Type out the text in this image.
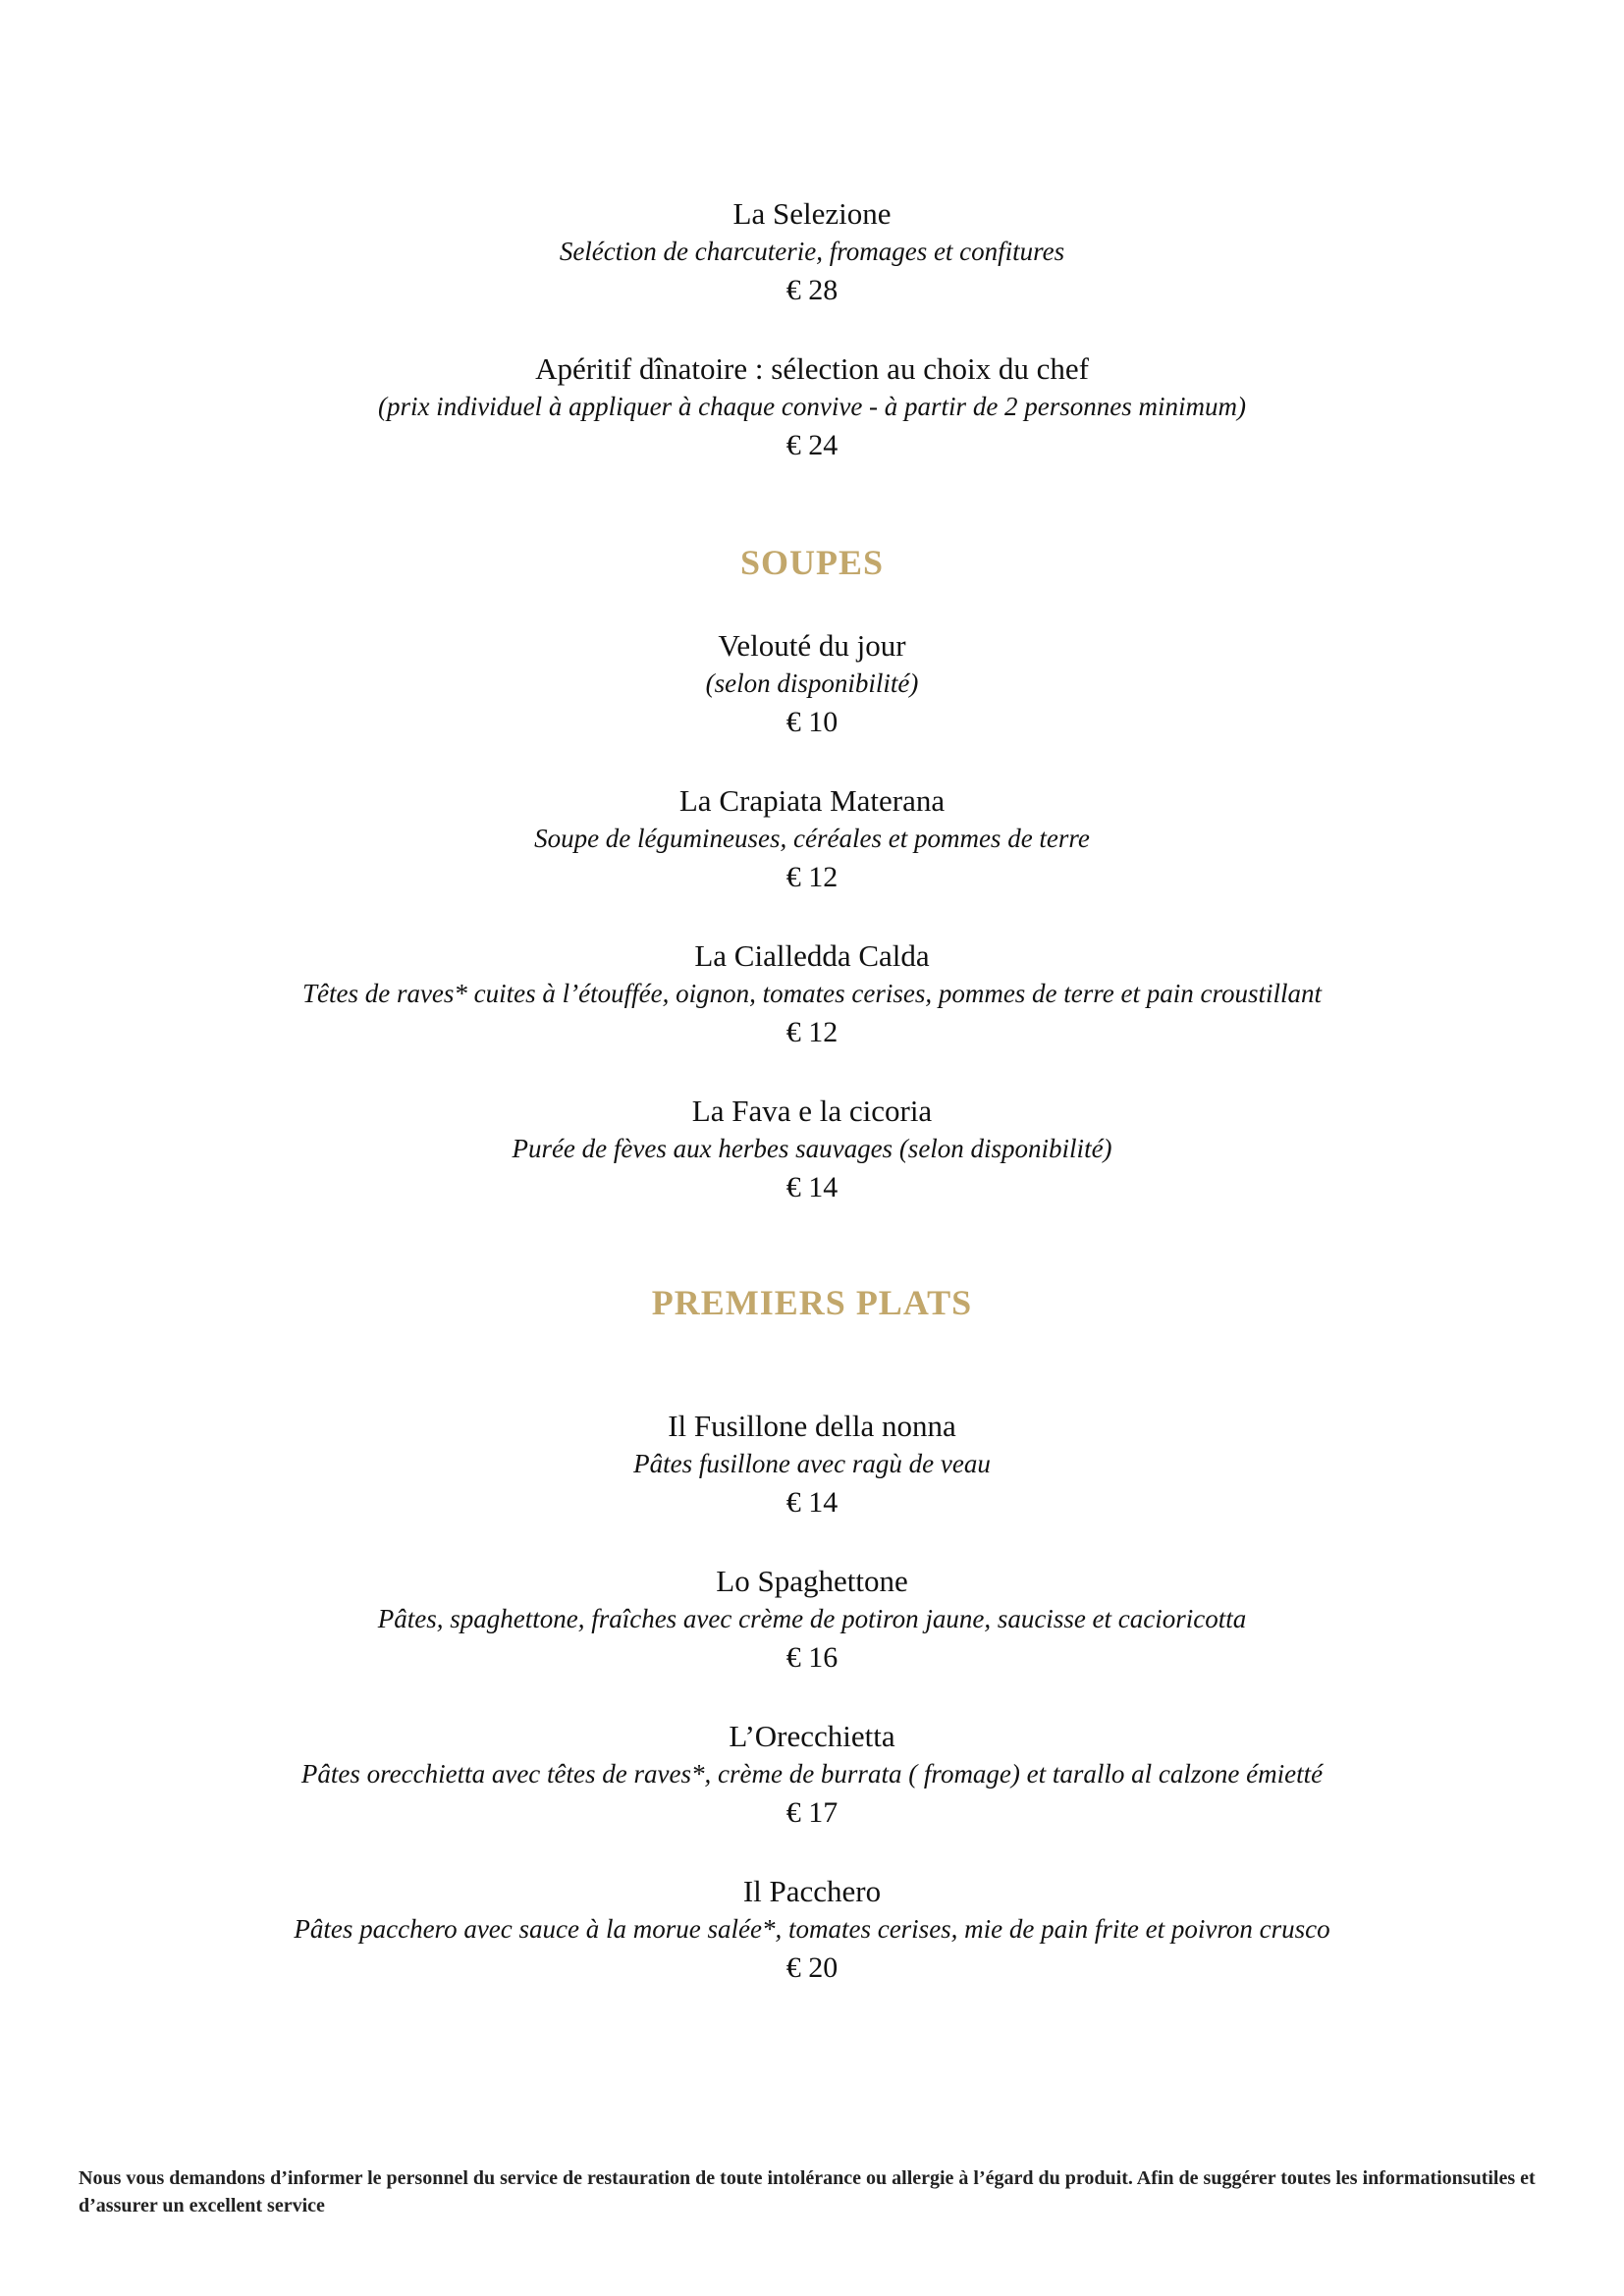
La Selezione
Seléction de charcuterie, fromages et confitures
€ 28
Apéritif dînatoire : sélection au choix du chef
(prix individuel à appliquer à chaque convive - à partir de 2 personnes minimum)
€ 24
SOUPES
Velouté du jour
(selon disponibilité)
€ 10
La Crapiata Materana
Soupe de légumineuses, céréales et pommes de terre
€ 12
La Cialledda Calda
Têtes de raves* cuites à l’étouffée, oignon, tomates cerises, pommes de terre et pain croustillant
€ 12
La Fava e la cicoria
Purée de fèves aux herbes sauvages (selon disponibilité)
€ 14
PREMIERS PLATS
Il Fusillone della nonna
Pâtes fusillone avec ragù de veau
€ 14
Lo Spaghettone
Pâtes, spaghettone, fraîches avec crème de potiron jaune, saucisse et cacioricotta
€ 16
L’Orecchietta
Pâtes orecchietta avec têtes de raves*, crème de burrata ( fromage) et tarallo al calzone émietté
€ 17
Il Pacchero
Pâtes pacchero avec sauce à la morue salée*, tomates cerises, mie de pain frite et poivron crusco
€ 20
Nous vous demandons d’informer le personnel du service de restauration de toute intolérance ou allergie à l’égard du produit. Afin de suggérer toutes les informationsutiles et d’assurer un excellent service
